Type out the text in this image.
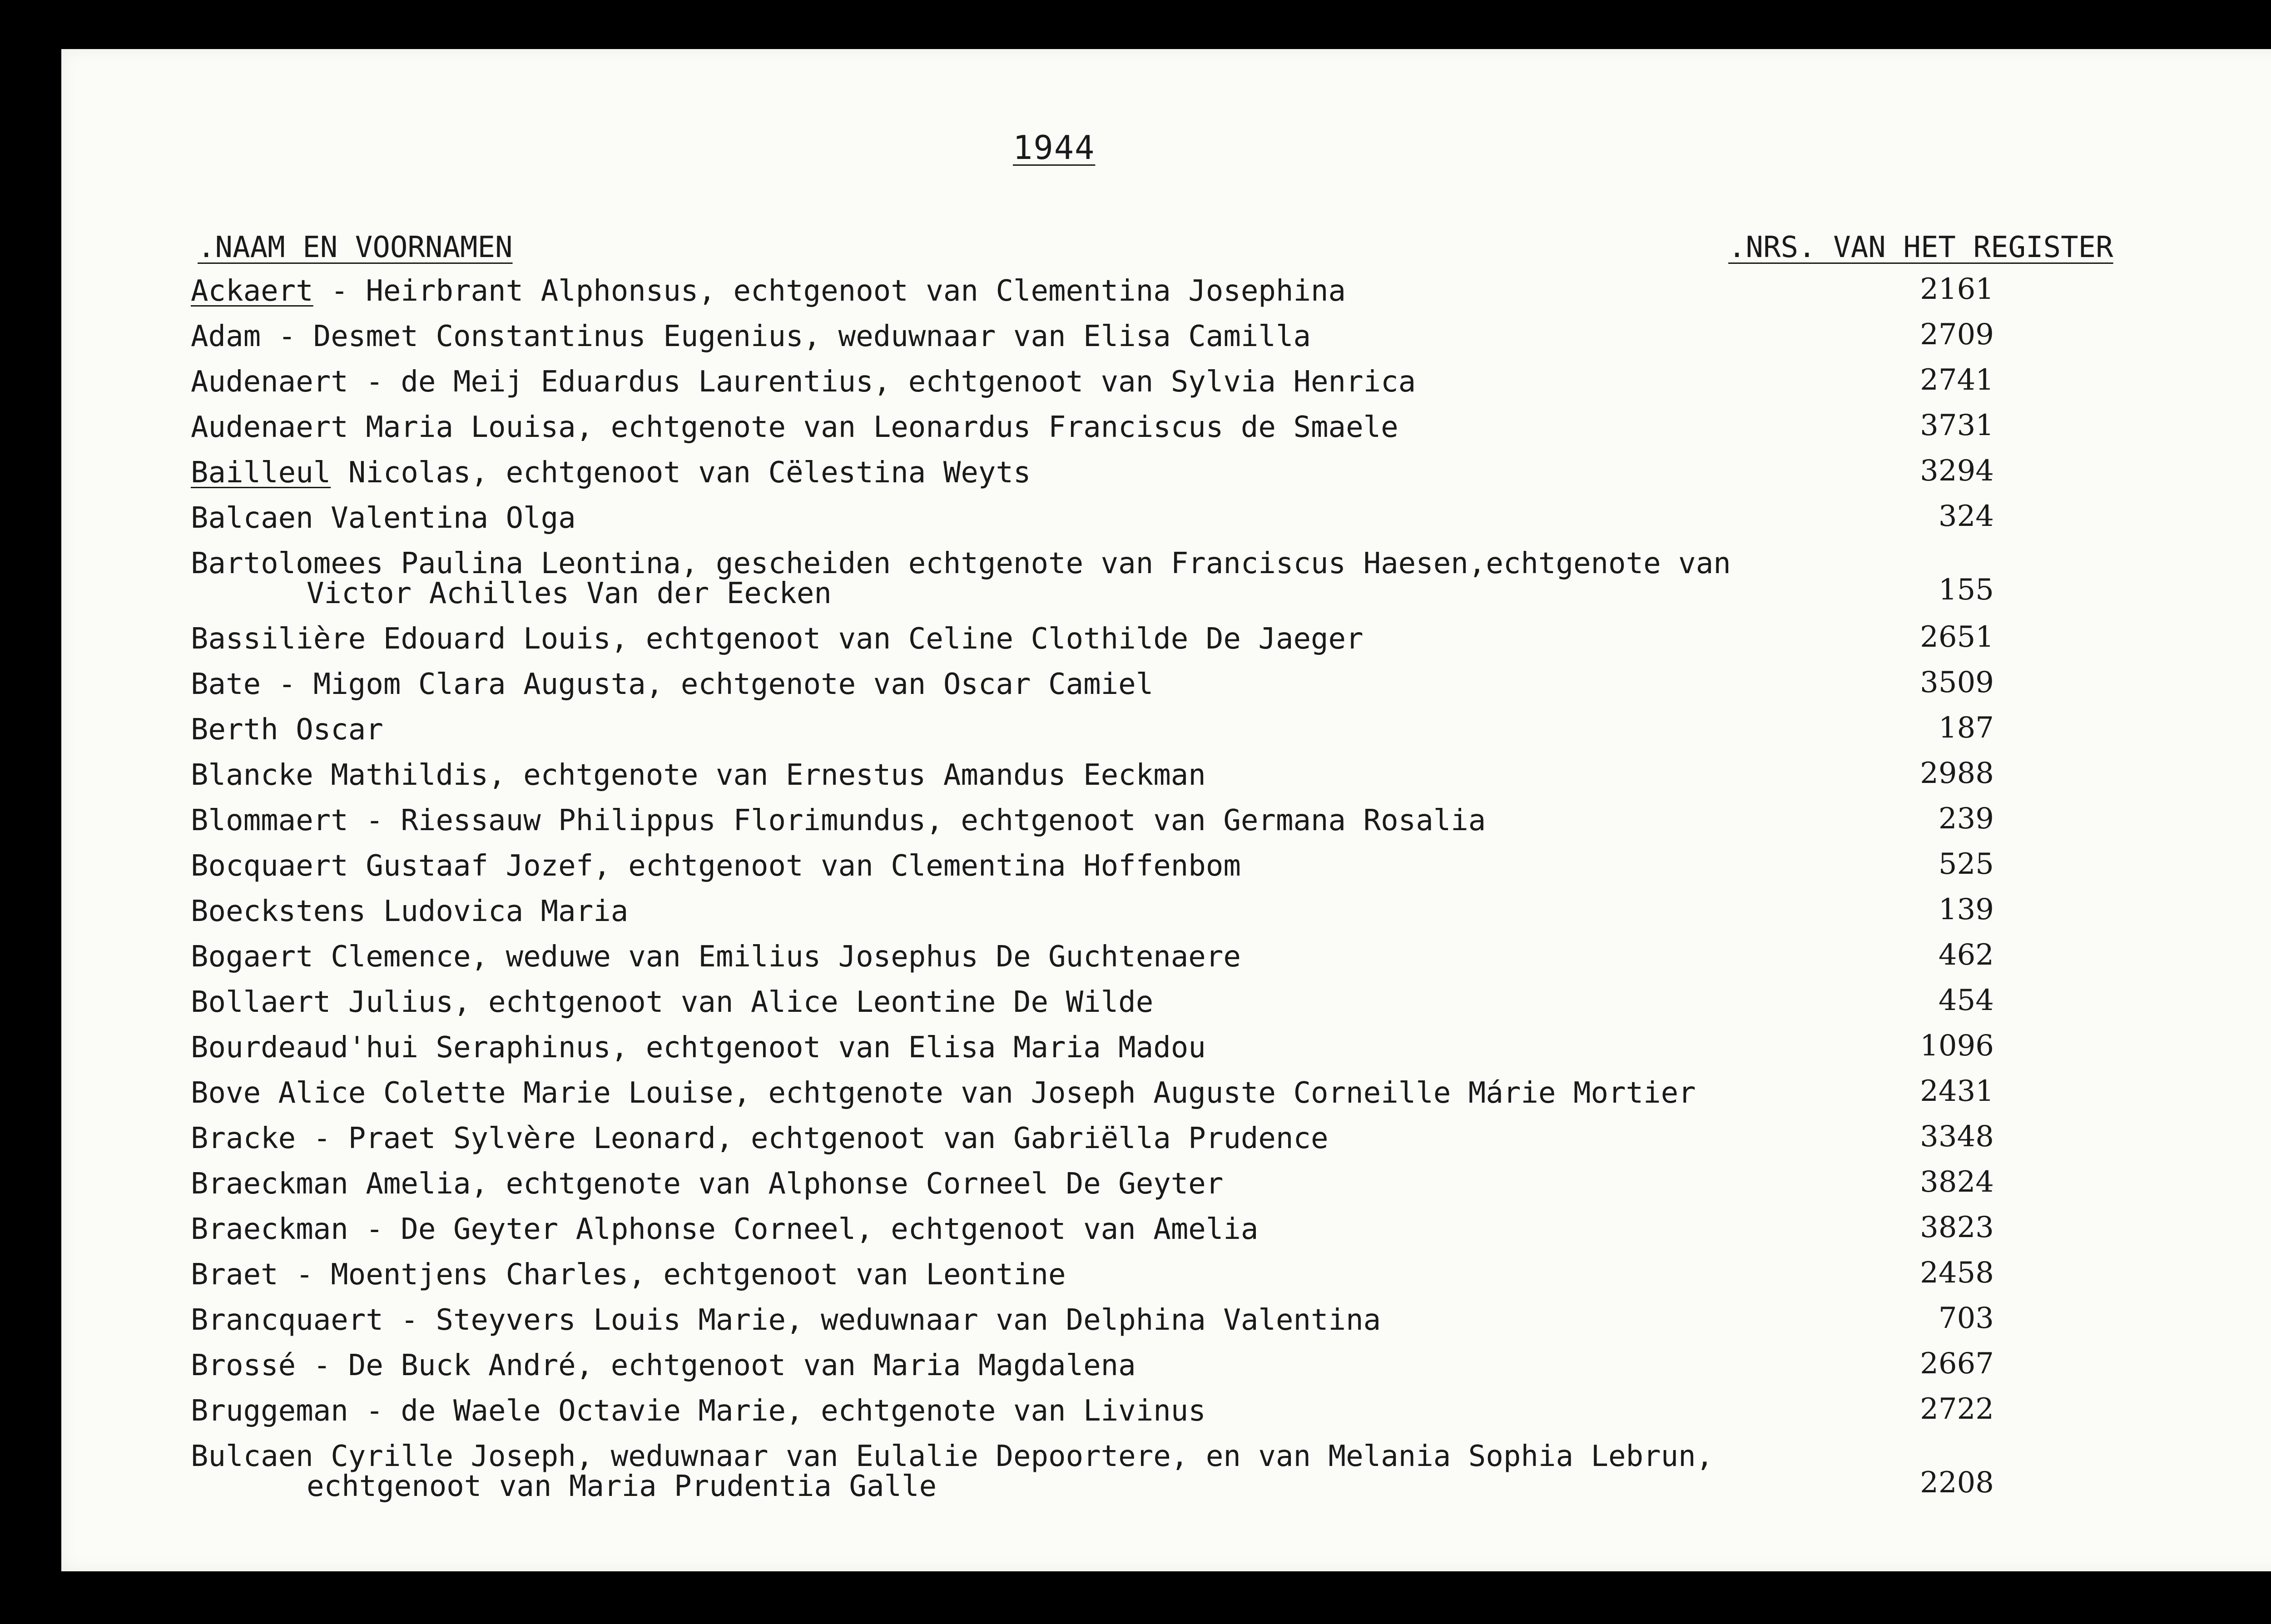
1944
.NAAM EN VOORNAMEN	.NRS. VAN HET REGISTER
Ackaert - Heirbrant Alphonsus, echtgenoot van Clementina Josephina	2161
Adam - Desmet Constantinus Eugenius, weduwnaar van Elisa Camilla	2709
Audenaert - de Meij Eduardus Laurentius, echtgenoot van Sylvia Henrica	2741
Audenaert Maria Louisa, echtgenote van Leonardus Franciscus de Smaele	3731
Bailleul Nicolas, echtgenoot van Cëlestina Weyts	3294
Balcaen Valentina Olga	324
Bartolomees Paulina Leontina, gescheiden echtgenote van Franciscus Haesen,echtgenote van
Victor Achilles Van der Eecken	155
Bassilière Edouard Louis, echtgenoot van Celine Clothilde De Jaeger	2651
Bate - Migom Clara Augusta, echtgenote van Oscar Camiel	3509
Berth Oscar	187
Blancke Mathildis, echtgenote van Ernestus Amandus Eeckman	2988
Blommaert - Riessauw Philippus Florimundus, echtgenoot van Germana Rosalia	239
Bocquaert Gustaaf Jozef, echtgenoot van Clementina Hoffenbom	525
Boeckstens Ludovica Maria	139
Bogaert Clemence, weduwe van Emilius Josephus De Guchtenaere	462
Bollaert Julius, echtgenoot van Alice Leontine De Wilde	454
Bourdeaud'hui Seraphinus, echtgenoot van Elisa Maria Madou	1096
Bove Alice Colette Marie Louise, echtgenote van Joseph Auguste Corneille Márie Mortier	2431
Bracke - Praet Sylvère Leonard, echtgenoot van Gabriëlla Prudence	3348
Braeckman Amelia, echtgenote van Alphonse Corneel De Geyter	3824
Braeckman - De Geyter Alphonse Corneel, echtgenoot van Amelia	3823
Braet - Moentjens Charles, echtgenoot van Leontine	2458
Brancquaert - Steyvers Louis Marie, weduwnaar van Delphina Valentina	703
Brossé - De Buck André, echtgenoot van Maria Magdalena	2667
Bruggeman - de Waele Octavie Marie, echtgenote van Livinus	2722
Bulcaen Cyrille Joseph, weduwnaar van Eulalie Depoortere, en van Melania Sophia Lebrun,
echtgenoot van Maria Prudentia Galle	2208
